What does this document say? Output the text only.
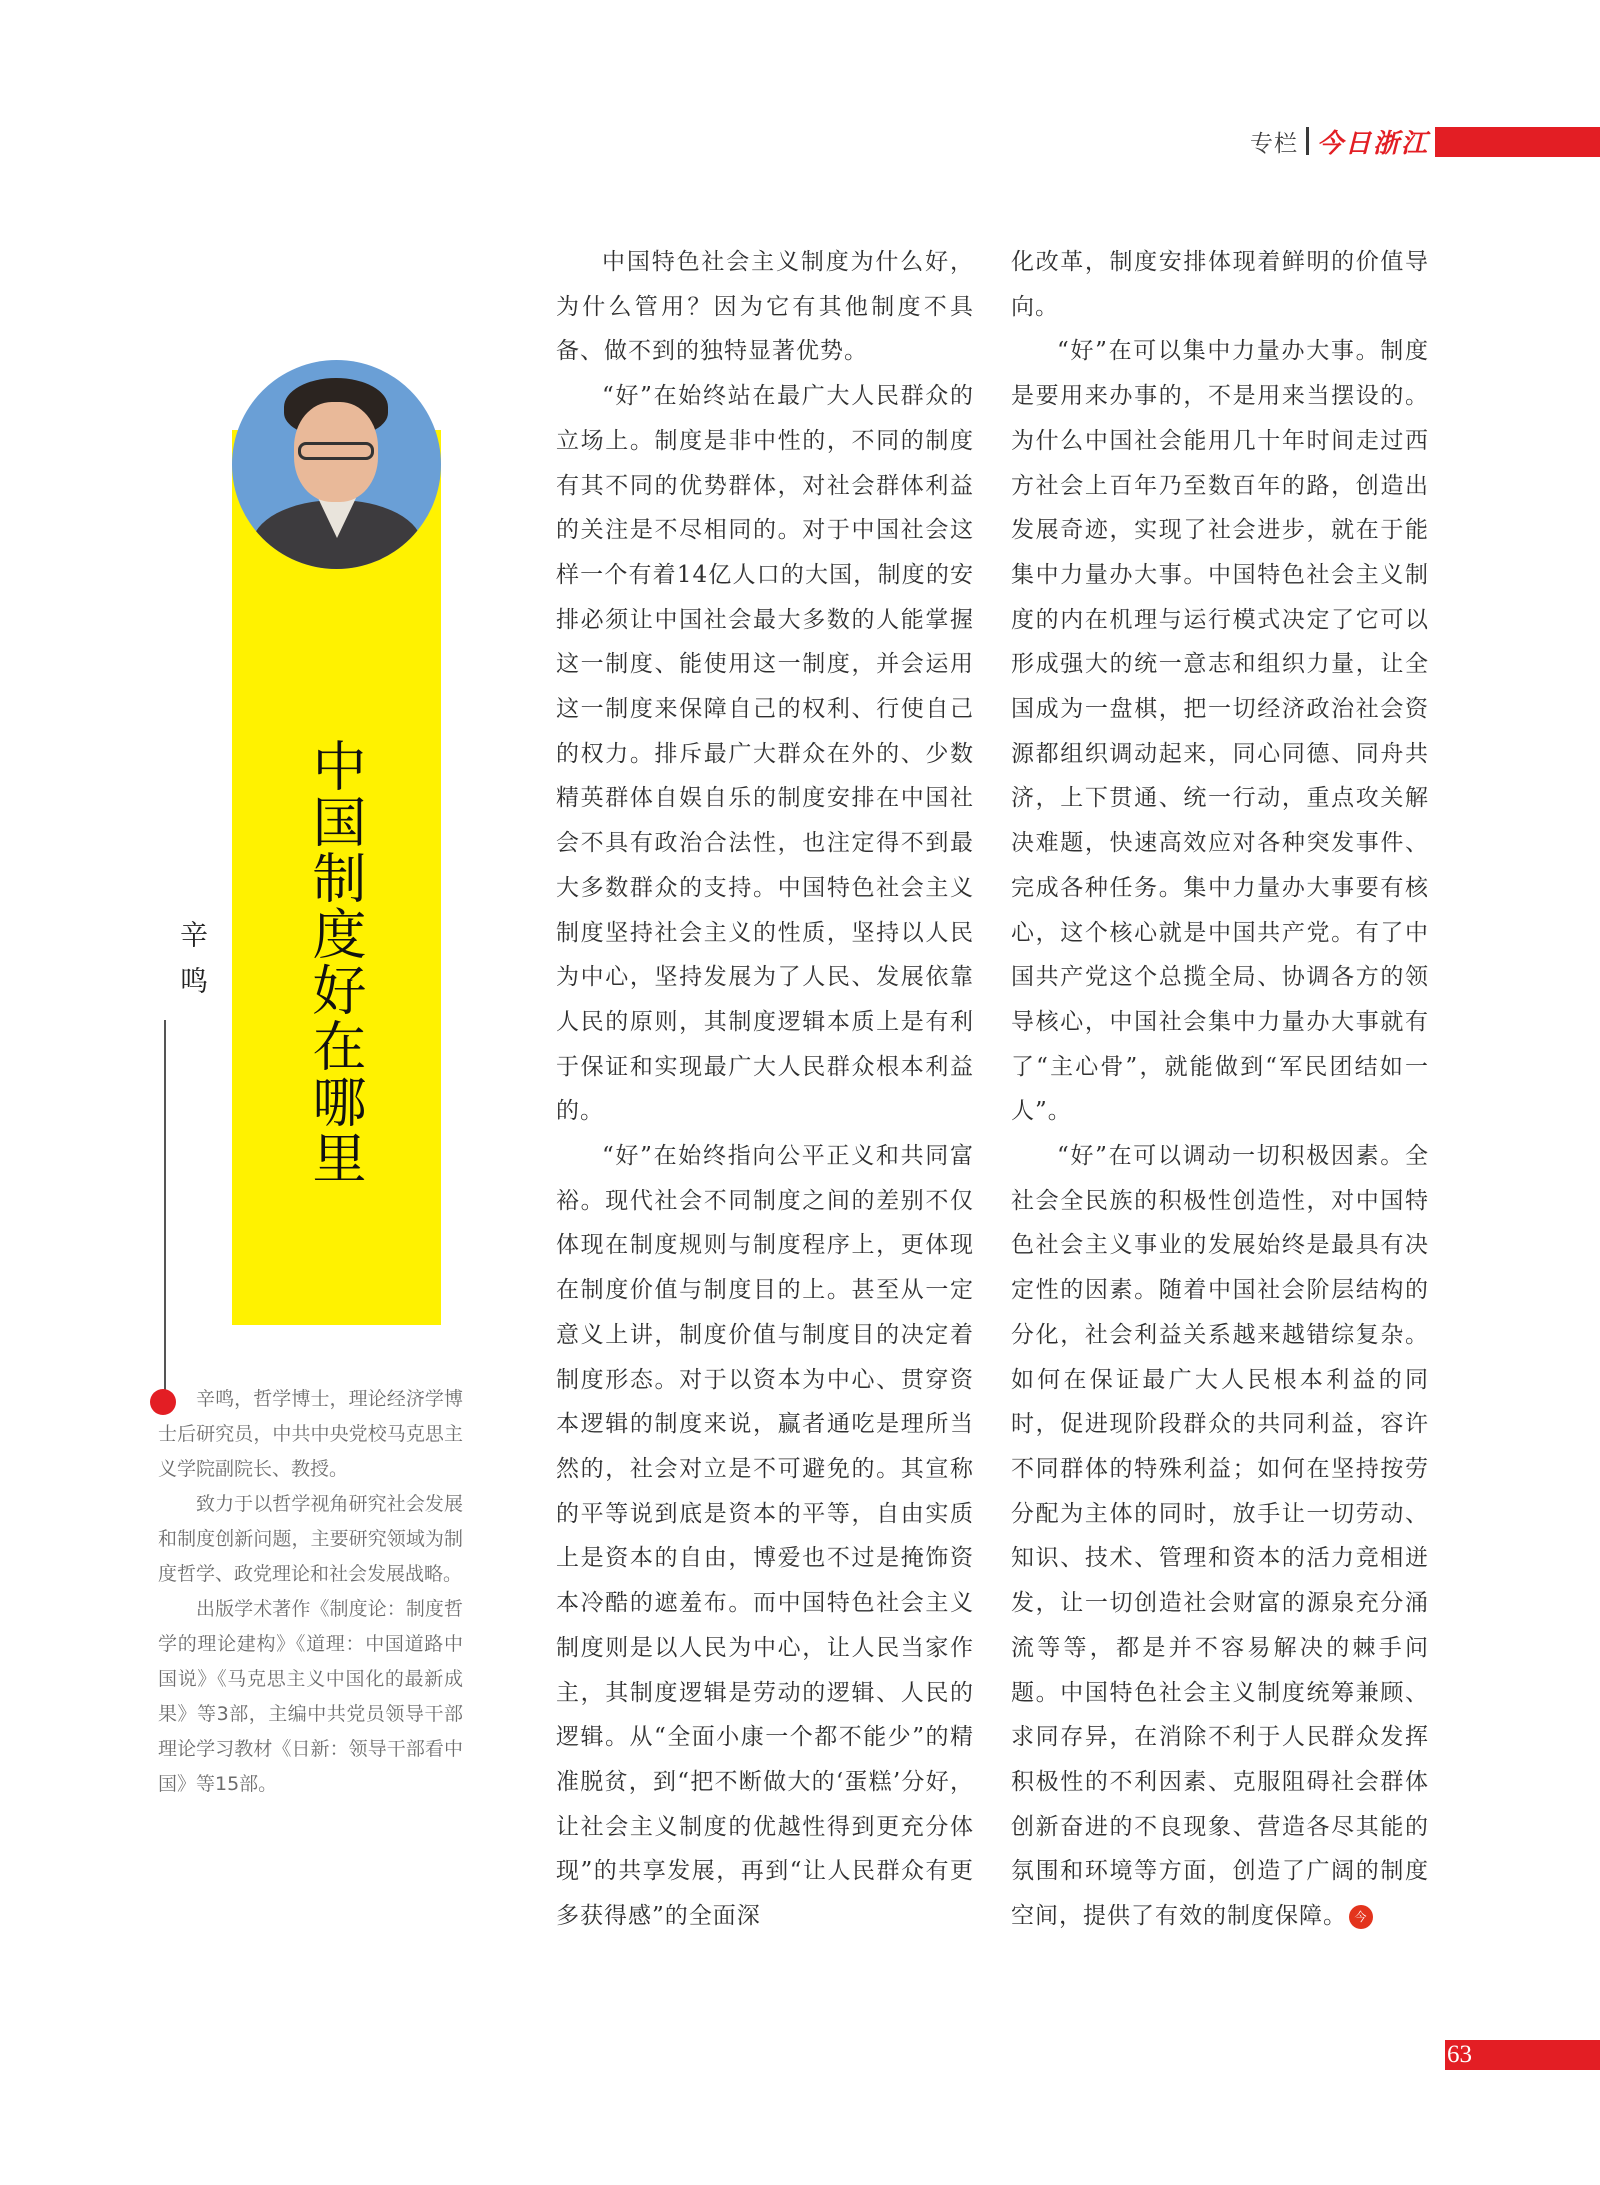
专栏 今日浙江
中国制度好在哪里
辛鸣

辛鸣，哲学博士，理论经济学博士后研究员，中共中央党校马克思主义学院副院长、教授。

致力于以哲学视角研究社会发展和制度创新问题，主要研究领域为制度哲学、政党理论和社会发展战略。

出版学术著作《制度论：制度哲学的理论建构》《道理：中国道路中国说》《马克思主义中国化的最新成果》等3部，主编中共党员领导干部理论学习教材《日新：领导干部看中国》等15部。

中国特色社会主义制度为什么好，为什么管用？因为它有其他制度不具备、做不到的独特显著优势。

“好”在始终站在最广大人民群众的立场上。制度是非中性的，不同的制度有其不同的优势群体，对社会群体利益的关注是不尽相同的。对于中国社会这样一个有着14亿人口的大国，制度的安排必须让中国社会最大多数的人能掌握这一制度、能使用这一制度，并会运用这一制度来保障自己的权利、行使自己的权力。排斥最广大群众在外的、少数精英群体自娱自乐的制度安排在中国社会不具有政治合法性，也注定得不到最大多数群众的支持。中国特色社会主义制度坚持社会主义的性质，坚持以人民为中心，坚持发展为了人民、发展依靠人民的原则，其制度逻辑本质上是有利于保证和实现最广大人民群众根本利益的。

“好”在始终指向公平正义和共同富裕。现代社会不同制度之间的差别不仅体现在制度规则与制度程序上，更体现在制度价值与制度目的上。甚至从一定意义上讲，制度价值与制度目的决定着制度形态。对于以资本为中心、贯穿资本逻辑的制度来说，赢者通吃是理所当然的，社会对立是不可避免的。其宣称的平等说到底是资本的平等，自由实质上是资本的自由，博爱也不过是掩饰资本冷酷的遮羞布。而中国特色社会主义制度则是以人民为中心，让人民当家作主，其制度逻辑是劳动的逻辑、人民的逻辑。从“全面小康一个都不能少”的精准脱贫，到“把不断做大的‘蛋糕’分好，让社会主义制度的优越性得到更充分体现”的共享发展，再到“让人民群众有更多获得感”的全面深

化改革，制度安排体现着鲜明的价值导向。

“好”在可以集中力量办大事。制度是要用来办事的，不是用来当摆设的。为什么中国社会能用几十年时间走过西方社会上百年乃至数百年的路，创造出发展奇迹，实现了社会进步，就在于能集中力量办大事。中国特色社会主义制度的内在机理与运行模式决定了它可以形成强大的统一意志和组织力量，让全国成为一盘棋，把一切经济政治社会资源都组织调动起来，同心同德、同舟共济，上下贯通、统一行动，重点攻关解决难题，快速高效应对各种突发事件、完成各种任务。集中力量办大事要有核心，这个核心就是中国共产党。有了中国共产党这个总揽全局、协调各方的领导核心，中国社会集中力量办大事就有了“主心骨”，就能做到“军民团结如一人”。

“好”在可以调动一切积极因素。全社会全民族的积极性创造性，对中国特色社会主义事业的发展始终是最具有决定性的因素。随着中国社会阶层结构的分化，社会利益关系越来越错综复杂。如何在保证最广大人民根本利益的同时，促进现阶段群众的共同利益，容许不同群体的特殊利益；如何在坚持按劳分配为主体的同时，放手让一切劳动、知识、技术、管理和资本的活力竞相迸发，让一切创造社会财富的源泉充分涌流等等，都是并不容易解决的棘手问题。中国特色社会主义制度统筹兼顾、求同存异，在消除不利于人民群众发挥积极性的不利因素、克服阻碍社会群体创新奋进的不良现象、营造各尽其能的氛围和环境等方面，创造了广阔的制度空间，提供了有效的制度保障。 今

63
